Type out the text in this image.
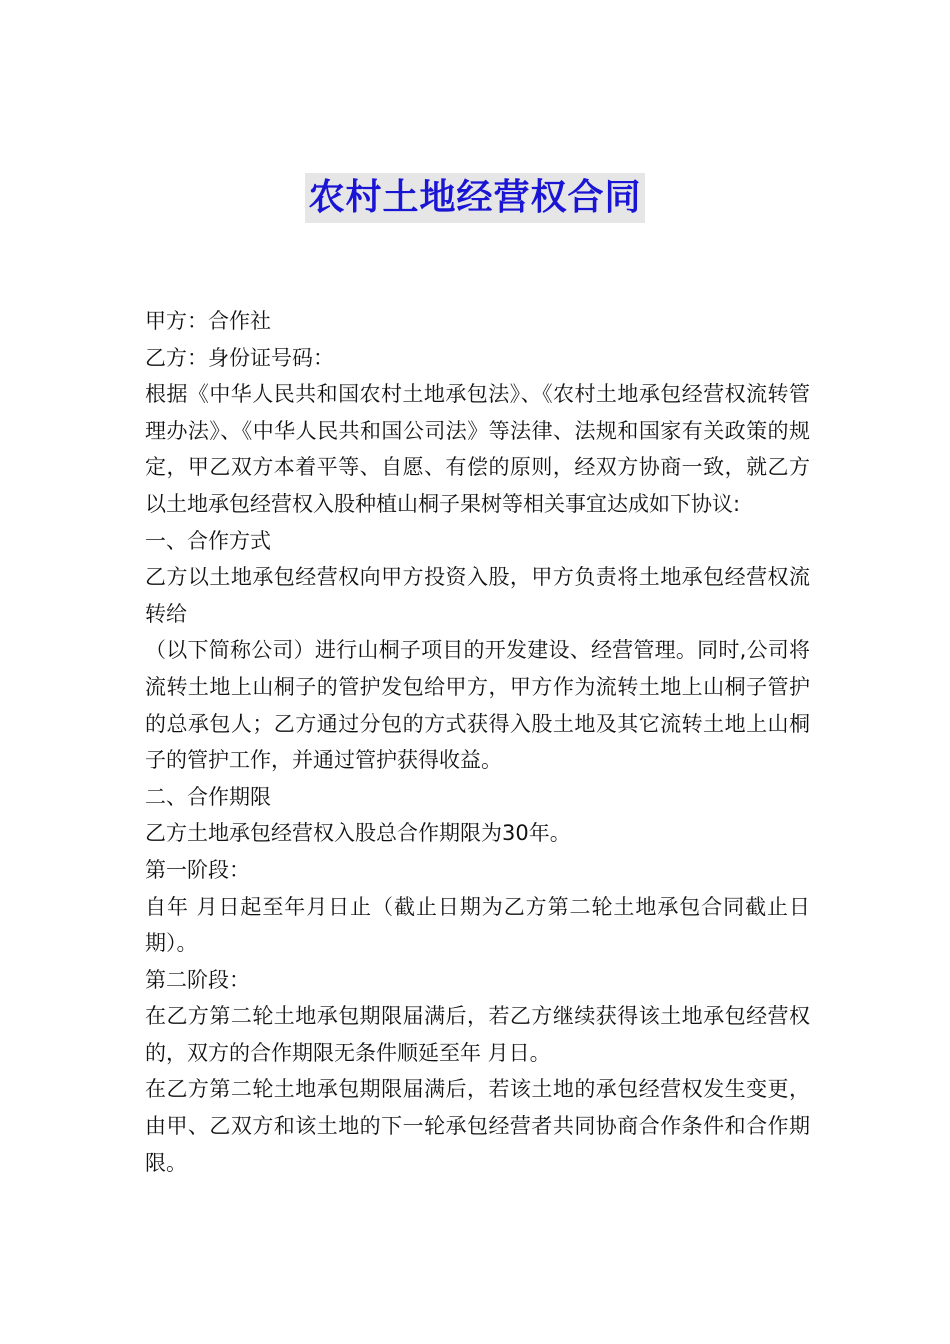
农村土地经营权合同

甲方：合作社

乙方：身份证号码：

根据《中华人民共和国农村土地承包法》、《农村土地承包经营权流转管理办法》、《中华人民共和国公司法》等法律、法规和国家有关政策的规定，甲乙双方本着平等、自愿、有偿的原则，经双方协商一致，就乙方以土地承包经营权入股种植山桐子果树等相关事宜达成如下协议:

一、合作方式

乙方以土地承包经营权向甲方投资入股，甲方负责将土地承包经营权流转给

（以下简称公司）进行山桐子项目的开发建设、经营管理。同时,公司将流转土地上山桐子的管护发包给甲方，甲方作为流转土地上山桐子管护的总承包人；乙方通过分包的方式获得入股土地及其它流转土地上山桐子的管护工作，并通过管护获得收益。

二、合作期限

乙方土地承包经营权入股总合作期限为30年。

第一阶段：

自年 月日起至年月日止（截止日期为乙方第二轮土地承包合同截止日期）。

第二阶段：

在乙方第二轮土地承包期限届满后，若乙方继续获得该土地承包经营权的，双方的合作期限无条件顺延至年 月日。

在乙方第二轮土地承包期限届满后，若该土地的承包经营权发生变更，由甲、乙双方和该土地的下一轮承包经营者共同协商合作条件和合作期限。
